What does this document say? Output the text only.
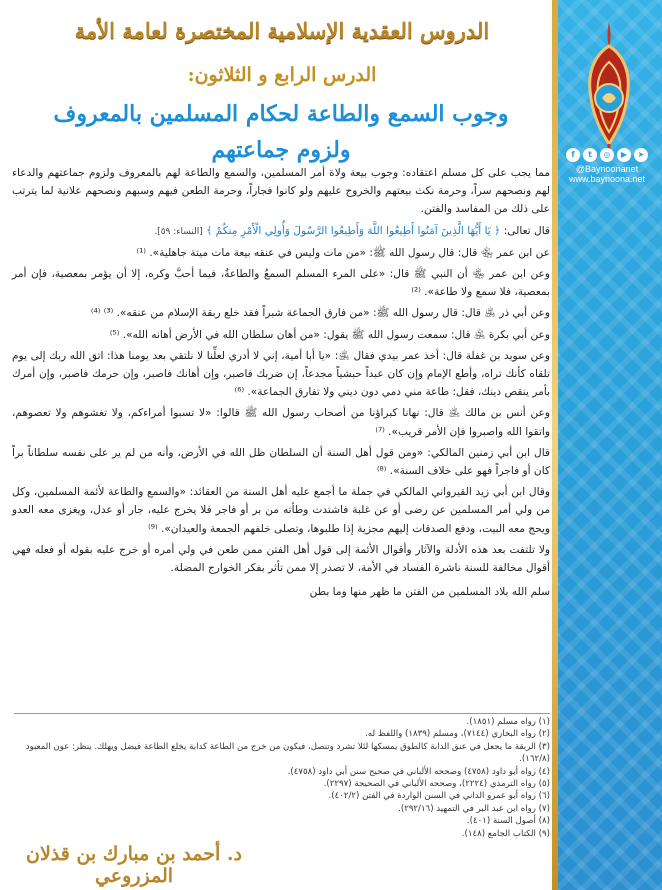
➤
▶
◎
t
f
@Baynoonanet
www.baynoona.net
الدروس العقدية الإسلامية المختصرة لعامة الأمة
الدرس الرابع و الثلاثون:
وجوب السمع والطاعة لحكام المسلمين بالمعروف
ولزوم جماعتهم

مما يجب على كل مسلم اعتقاده: وجوب بيعة ولاة أمر المسلمين، والسمع والطاعة لهم بالمعروف ولزوم جماعتهم والدعاء لهم ونصحهم سراً، وحرمة نكث بيعتهم والخروج عليهم ولو كانوا فجاراً، وحرمة الطعن فيهم وسبهم ونصحهم علانية لما يترتب على ذلك من المفاسد والفتن.

قال تعالى: ﴿ يَا أَيُّهَا الَّذِينَ آمَنُوا أَطِيعُوا اللَّهَ وَأَطِيعُوا الرَّسُولَ وَأُولِي الْأَمْرِ مِنكُمْ ﴾ [النساء: ٥٩].

عن ابن عمر ﵄ قال: قال رسول الله ﷺ: «من مات وليس في عنقه بيعة مات ميتة جاهلية». ⁽¹⁾

وعن ابن عمر ﵄ أن النبي ﷺ قال: «على المرء المسلم السمعُ والطاعةُ، فيما أحبَّ وكره، إلا أن يؤمر بمعصية، فإن أمر بمعصية، فلا سمع ولا طاعة». ⁽²⁾

وعن أبي ذر ﵁ قال: قال رسول الله ﷺ: «من فارق الجماعة شبراً فقد خلع ربقة الإسلام من عنقه». ⁽³⁾ ⁽⁴⁾

وعن أبي بكرة ﵁ قال: سمعت رسول الله ﷺ يقول: «من أهان سلطان الله في الأرض أهانه الله». ⁽⁵⁾

وعن سويد بن غفلة قال: أخذ عمر بيدي فقال ﵁: «يا أبا أمية، إني لا أدري لعلِّنا لا نلتقي بعد يومنا هذا: اتق الله ربك إلى يوم تلقاه كأنك تراه، وأطع الإمام وإن كان عبداً حبشياً مجدعاً، إن ضربك فاصبر، وإن أهانك فاصبر، وإن حرمك فاصبر، وإن أمرك بأمر ينقص دينك، فقل: طاعة مني دمي دون ديني ولا تفارق الجماعة». ⁽⁶⁾

وعن أنس بن مالك ﵁ قال: نهانا كبراؤنا من أصحاب رسول الله ﷺ قالوا: «لا تسبوا أمراءكم، ولا تغشوهم ولا تعصوهم، واتقوا الله واصبروا فإن الأمر قريب». ⁽⁷⁾

قال ابن أبي زمنين المالكي: «ومن قول أهل السنة أن السلطان ظل الله في الأرض، وأنه من لم ير على نفسه سلطاناً براً كان أو فاجراً فهو على خلاف السنة». ⁽⁸⁾

وقال ابن أبي زيد القيرواني المالكي في جملة ما أجمع عليه أهل السنة من العقائد: «والسمع والطاعة لأئمة المسلمين، وكل من ولي أمر المسلمين عن رضى أو عن غلبة فاشتدت وطأته من بر أو فاجر فلا يخرج عليه، جار أو عدل، ويغزى معه العدو ويحج معه البيت، ودفع الصدقات إليهم مجزية إذا طلبوها، وتصلى خلفهم الجمعة والعيدان». ⁽⁹⁾

ولا تلتفت بعد هذه الأدلة والآثار وأقوال الأئمة إلى قول أهل الفتن ممن طعن في ولي أمره أو خرج عليه بقوله أو فعله فهي أقوال مخالفة للسنة ناشرة الفساد في الأمة، لا تصدر إلا ممن تأثر بفكر الخوارج المضلة.

سلم الله بلاد المسلمين من الفتن ما ظهر منها وما بطن
(١) رواه مسلم (١٨٥١).
(٢) رواه البخاري (٧١٤٤)، ومسلم (١٨٣٩) واللفظ له.
(٣) الربقة ما يجعل في عنق الدابة كالطوق يمسكها لئلا تشرد وتنصل، فيكون من خرج من الطاعة كدابة يخلع الطاعة فيضل ويهلك. ينظر: عون المعبود (١٦٢/٨).
(٤) رواه أبو داود (٤٧٥٨) وصححه الألباني في صحيح سنن أبي داود (٤٧٥٨).
(٥) رواه الترمذي (٢٢٢٤)، وصححه الألباني في الصحيحة (٢٢٩٧).
(٦) رواه أبو عمرو الداني في السنن الواردة في الفتن (٤٠٢/٢).
(٧) رواه ابن عبد البر في التمهيد (٢٩٢/١٦).
(٨) أصول السنة (٤٠١).
(٩) الكتاب الجامع (١٤٨).
د. أحمد بن مبارك بن قذلان المزروعي
